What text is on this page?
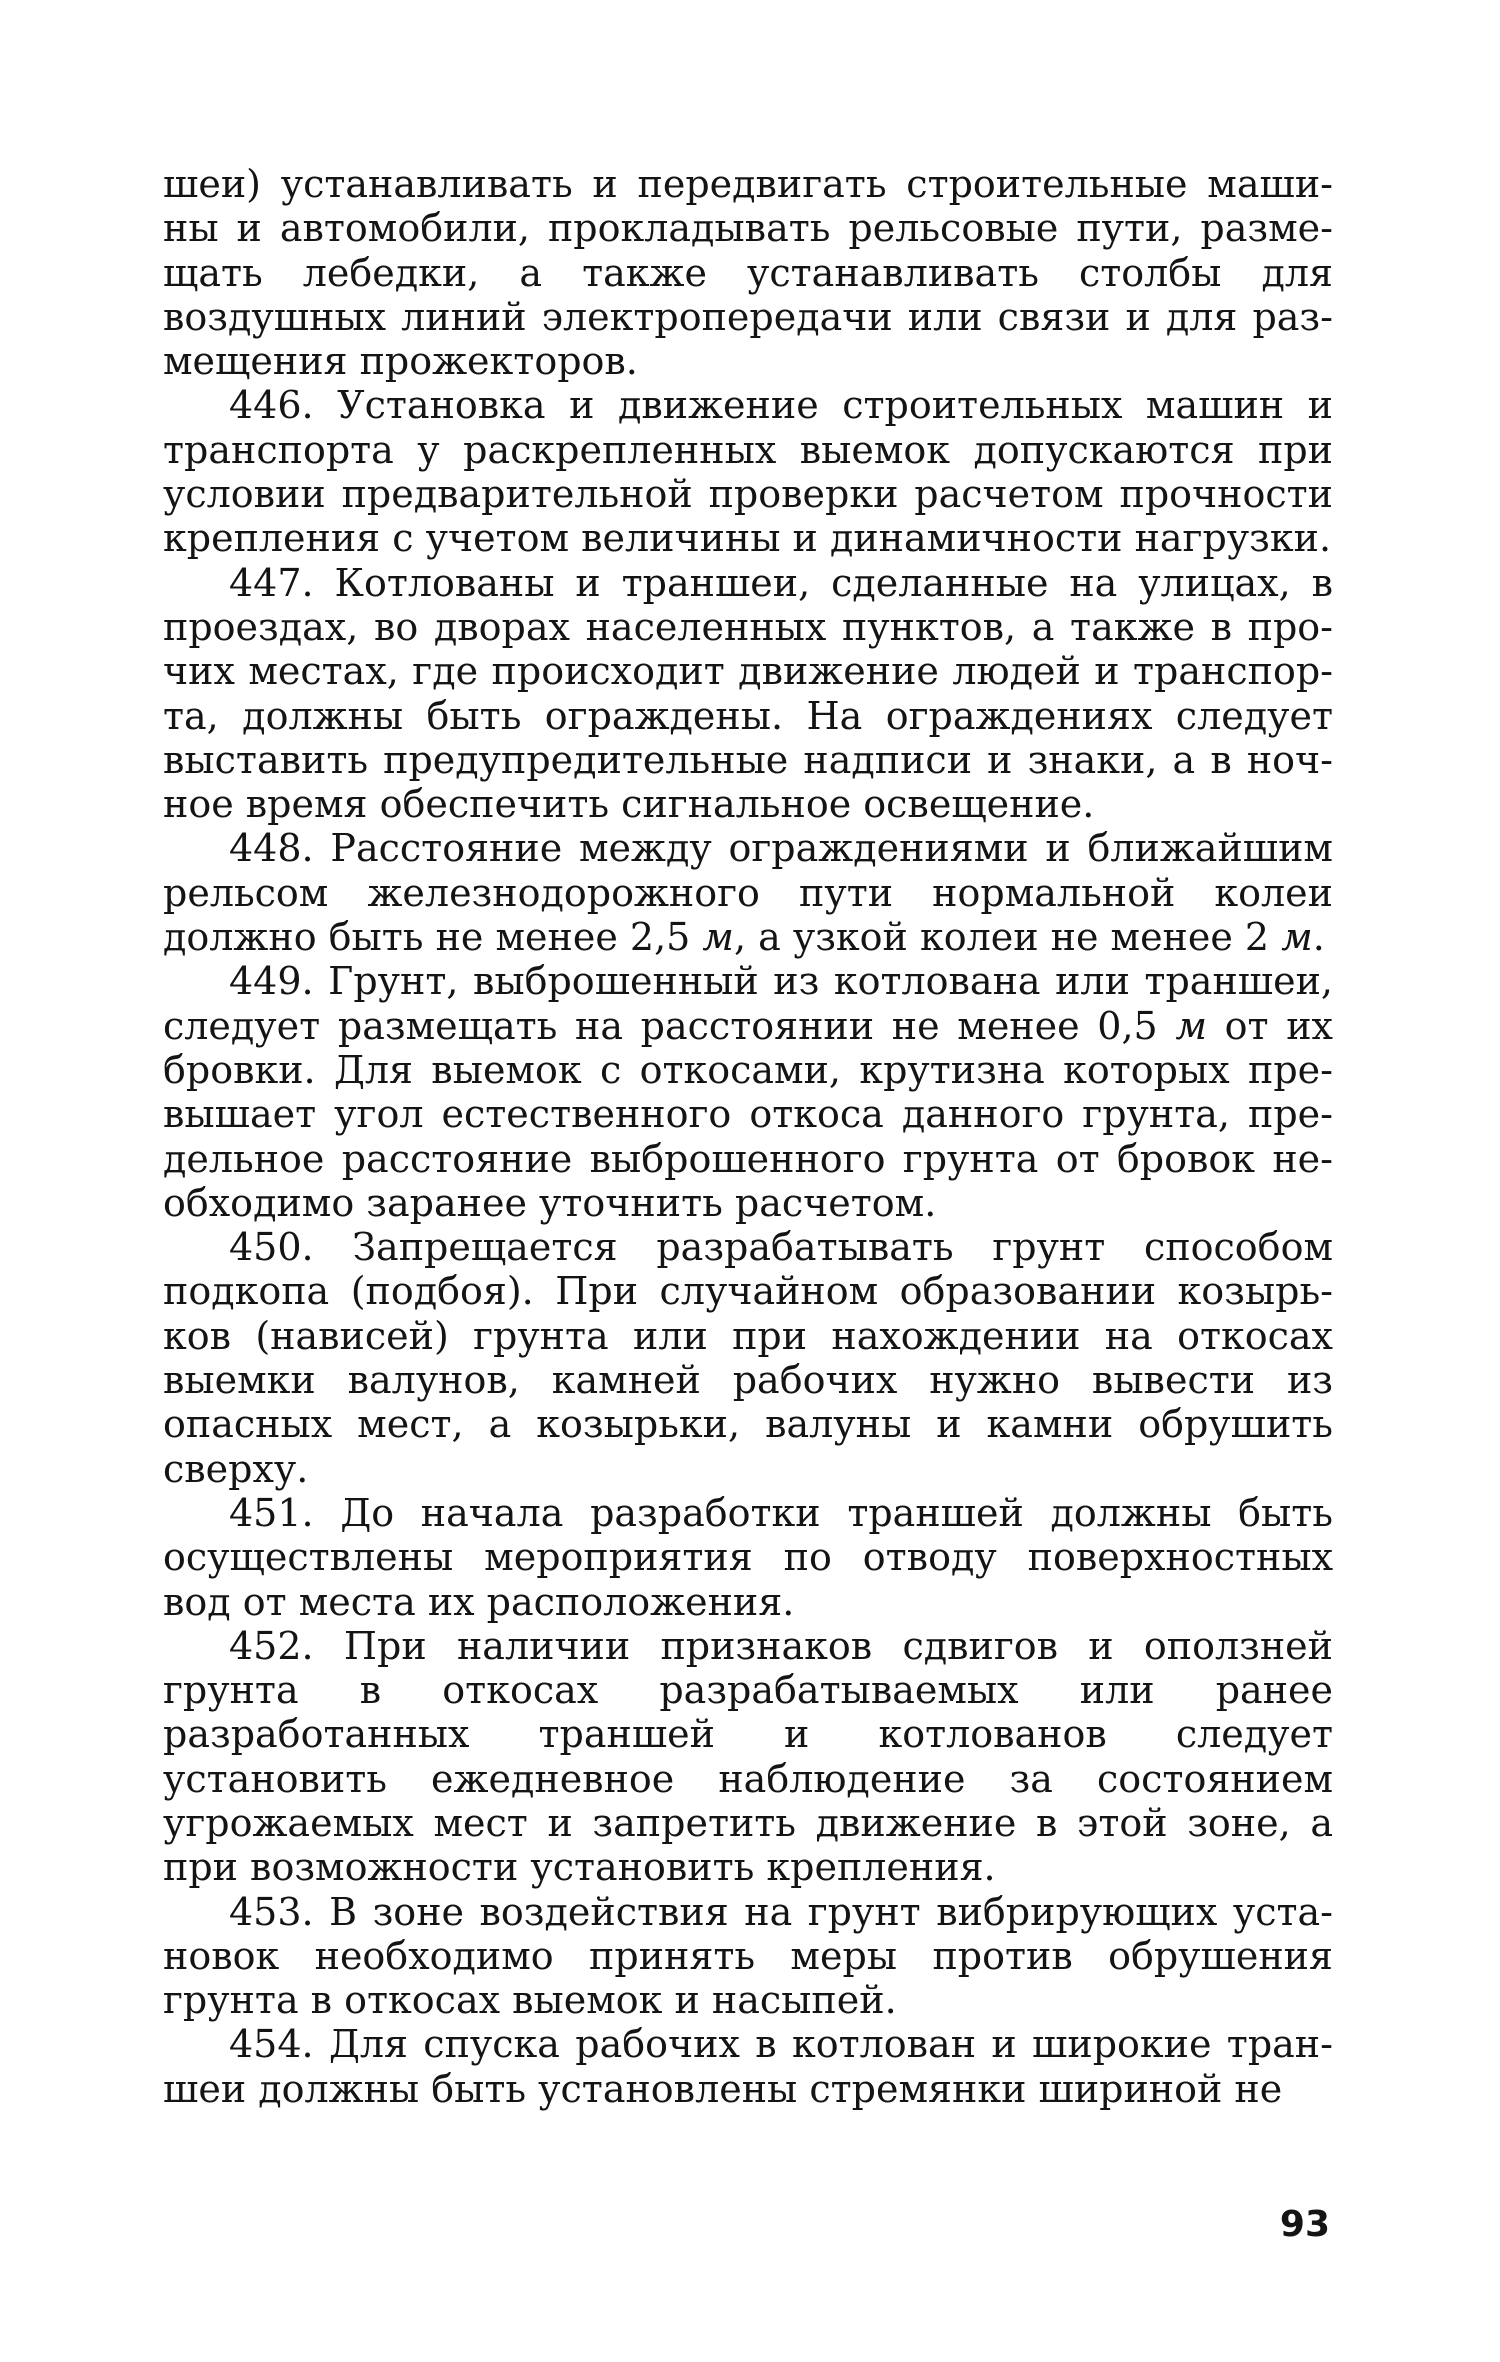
шеи) устанавливать и передвигать строительные машины и автомобили, прокладывать рельсовые пути, размещать лебедки, а также устанавливать столбы для воздушных линий электропередачи или связи и для размещения прожекторов.

446. Установка и движение строительных машин и транспорта у раскрепленных выемок допускаются при условии предварительной проверки расчетом прочности крепления с учетом величины и динамичности нагрузки.

447. Котлованы и траншеи, сделанные на улицах, в проездах, во дворах населенных пунктов, а также в прочих местах, где происходит движение людей и транспорта, должны быть ограждены. На ограждениях следует выставить предупредительные надписи и знаки, а в ночное время обеспечить сигнальное освещение.

448. Расстояние между ограждениями и ближайшим рельсом железнодорожного пути нормальной колеи должно быть не менее 2,5 м, а узкой колеи не менее 2 м.

449. Грунт, выброшенный из котлована или траншеи, следует размещать на расстоянии не менее 0,5 м от их бровки. Для выемок с откосами, крутизна которых превышает угол естественного откоса данного грунта, предельное расстояние выброшенного грунта от бровок необходимо заранее уточнить расчетом.

450. Запрещается разрабатывать грунт способом подкопа (подбоя). При случайном образовании козырьков (нависей) грунта или при нахождении на откосах выемки валунов, камней рабочих нужно вывести из опасных мест, а козырьки, валуны и камни обрушить сверху.

451. До начала разработки траншей должны быть осуществлены мероприятия по отводу поверхностных вод от места их расположения.

452. При наличии признаков сдвигов и оползней грунта в откосах разрабатываемых или ранее разработанных траншей и котлованов следует установить ежедневное наблюдение за состоянием угрожаемых мест и запретить движение в этой зоне, а при возможности установить крепления.

453. В зоне воздействия на грунт вибрирующих установок необходимо принять меры против обрушения грунта в откосах выемок и насыпей.

454. Для спуска рабочих в котлован и широкие траншеи должны быть установлены стремянки шириной не

93
